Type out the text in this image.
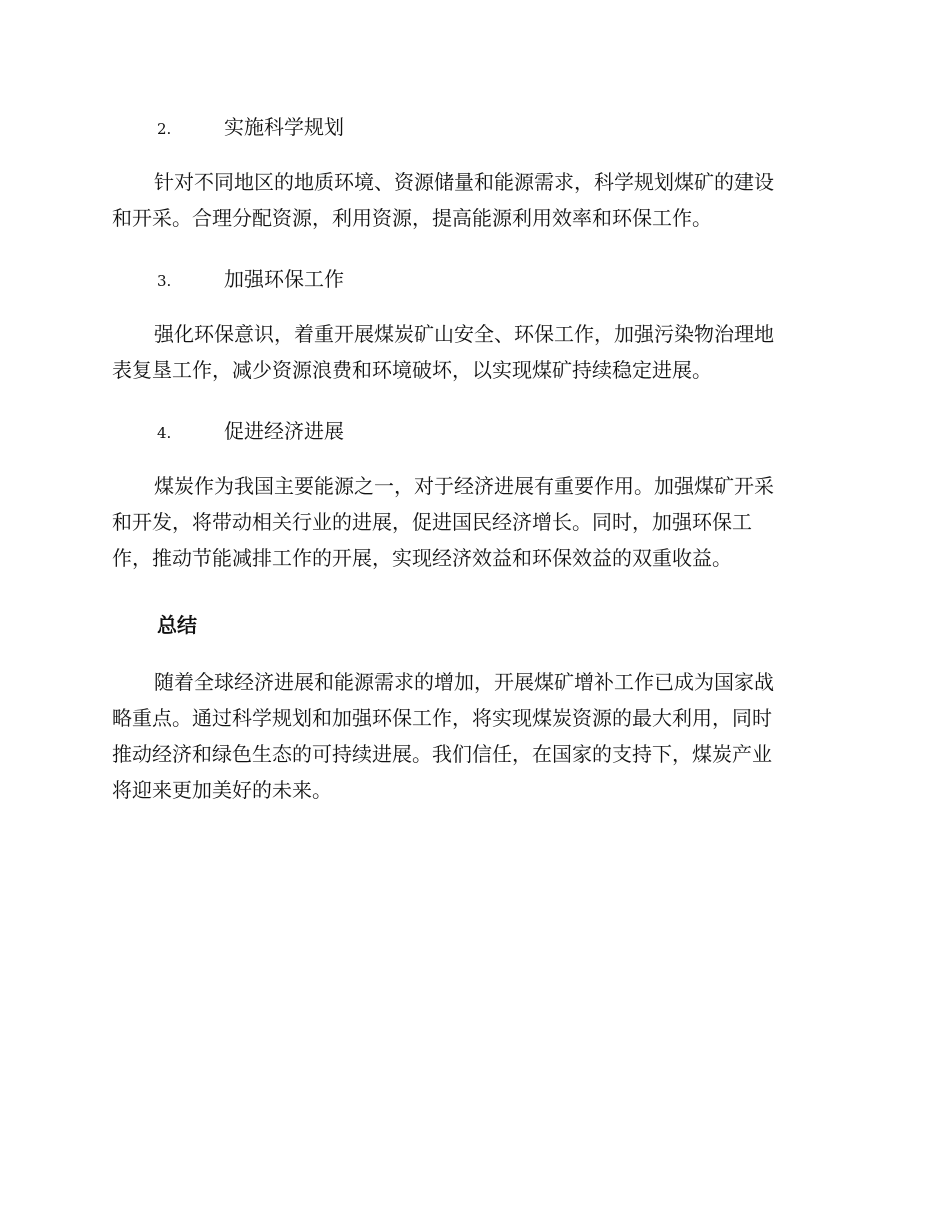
2.	实施科学规划

针对不同地区的地质环境、资源储量和能源需求，科学规划煤矿的建设
和开采。合理分配资源，利用资源，提高能源利用效率和环保工作。

3.	加强环保工作

强化环保意识，着重开展煤炭矿山安全、环保工作，加强污染物治理地
表复垦工作，减少资源浪费和环境破坏，以实现煤矿持续稳定进展。

4.	促进经济进展

煤炭作为我国主要能源之一，对于经济进展有重要作用。加强煤矿开采
和开发，将带动相关行业的进展，促进国民经济增长。同时，加强环保工
作，推动节能减排工作的开展，实现经济效益和环保效益的双重收益。

总结

随着全球经济进展和能源需求的增加，开展煤矿增补工作已成为国家战
略重点。通过科学规划和加强环保工作，将实现煤炭资源的最大利用，同时
推动经济和绿色生态的可持续进展。我们信任，在国家的支持下，煤炭产业
将迎来更加美好的未来。
